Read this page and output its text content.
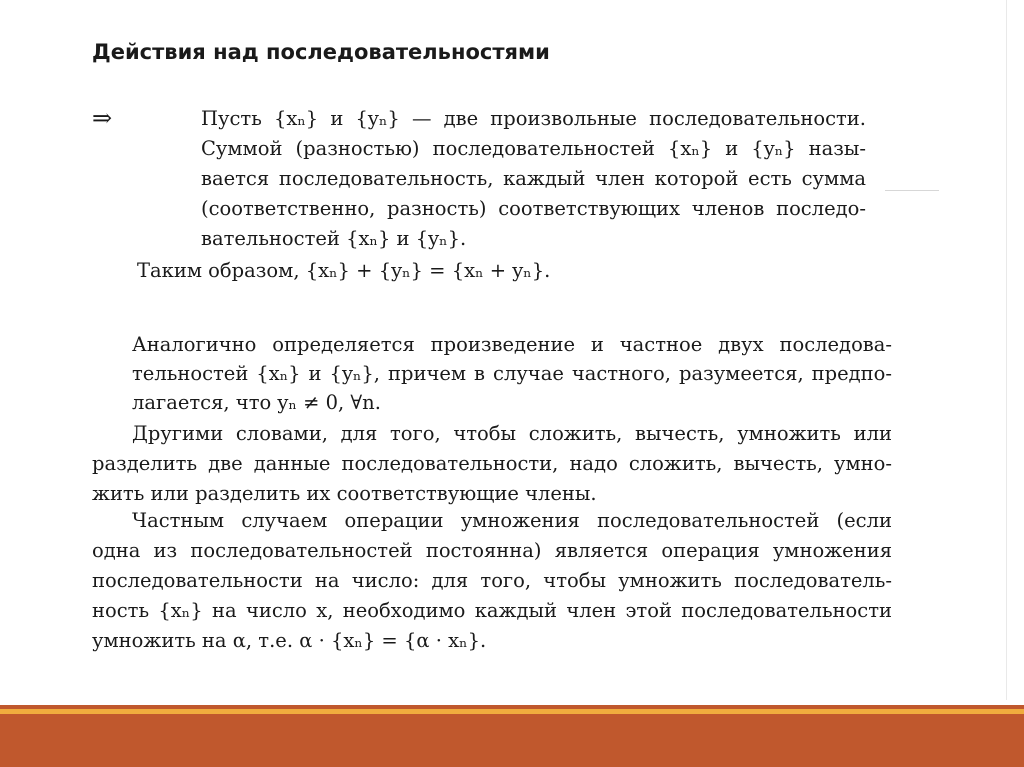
Действия над последовательностями
⇒	Пусть {xₙ} и {yₙ} — две произвольные последовательности.
Суммой (разностью) последовательностей {xₙ} и {yₙ} назы-
вается последовательность, каждый член которой есть сумма
(соответственно, разность) соответствующих членов последо-
вательностей {xₙ} и {yₙ}.
Таким образом, {xₙ} + {yₙ} = {xₙ + yₙ}.
Аналогично определяется произведение и частное двух последова-
тельностей {xₙ} и {yₙ}, причем в случае частного, разумеется, предпо-
лагается, что yₙ ≠ 0, ∀n.
Другими словами, для того, чтобы сложить, вычесть, умножить или
разделить две данные последовательности, надо сложить, вычесть, умно-
жить или разделить их соответствующие члены.
Частным случаем операции умножения последовательностей (если
одна из последовательностей постоянна) является операция умножения
последовательности на число: для того, чтобы умножить последователь-
ность {xₙ} на число x, необходимо каждый член этой последовательности
умножить на α, т.е. α · {xₙ} = {α · xₙ}.
